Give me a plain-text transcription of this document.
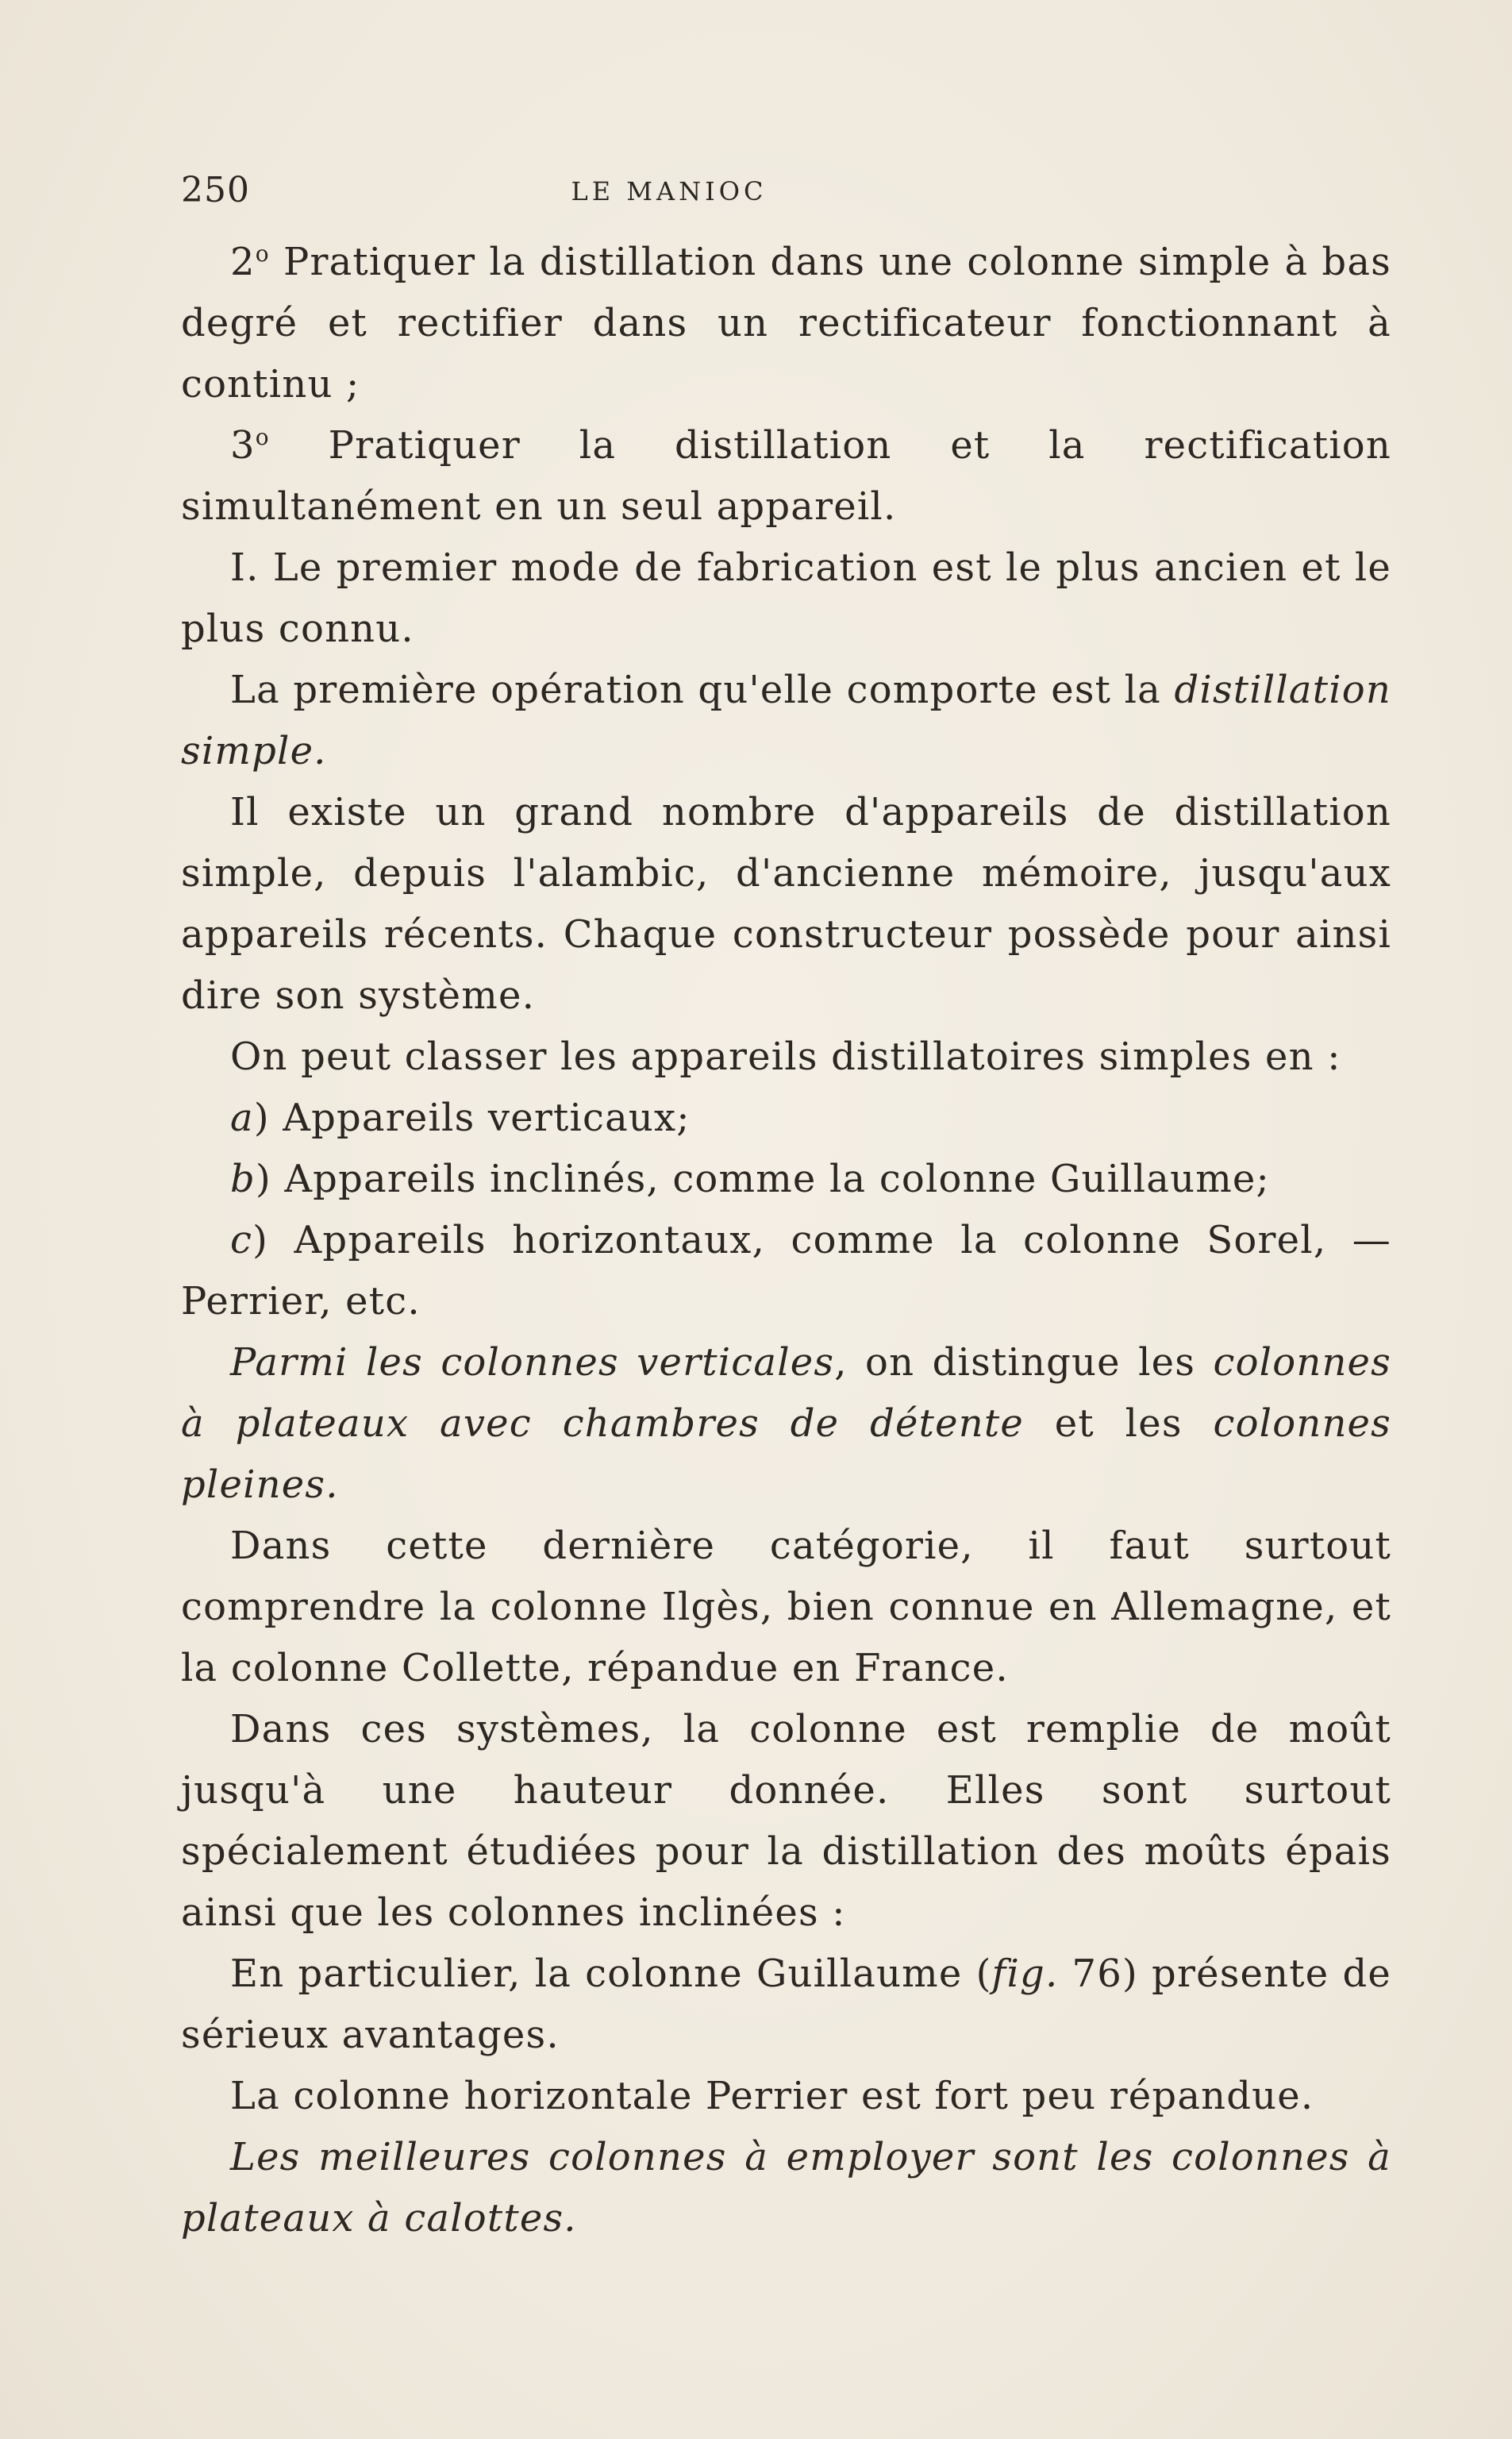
250	LE MANIOC

2$^o$ Pratiquer la distillation dans une colonne simple à bas degré et rectifier dans un rectificateur fonctionnant à continu ;

3$^o$ Pratiquer la distillation et la rectification simultanément en un seul appareil.

I. Le premier mode de fabrication est le plus ancien et le plus connu.

La première opération qu'elle comporte est la distillation simple.

Il existe un grand nombre d'appareils de distillation simple, depuis l'alambic, d'ancienne mémoire, jusqu'aux appareils récents. Chaque constructeur possède pour ainsi dire son système.

On peut classer les appareils distillatoires simples en :

a) Appareils verticaux;

b) Appareils inclinés, comme la colonne Guillaume;

c) Appareils horizontaux, comme la colonne Sorel, — Perrier, etc.

Parmi les colonnes verticales, on distingue les colonnes à plateaux avec chambres de détente et les colonnes pleines.

Dans cette dernière catégorie, il faut surtout comprendre la colonne Ilgès, bien connue en Allemagne, et la colonne Collette, répandue en France.

Dans ces systèmes, la colonne est remplie de moût jusqu'à une hauteur donnée. Elles sont surtout spécialement étudiées pour la distillation des moûts épais ainsi que les colonnes inclinées :

En particulier, la colonne Guillaume (fig. 76) présente de sérieux avantages.

La colonne horizontale Perrier est fort peu répandue.

Les meilleures colonnes à employer sont les colonnes à plateaux à calottes.
